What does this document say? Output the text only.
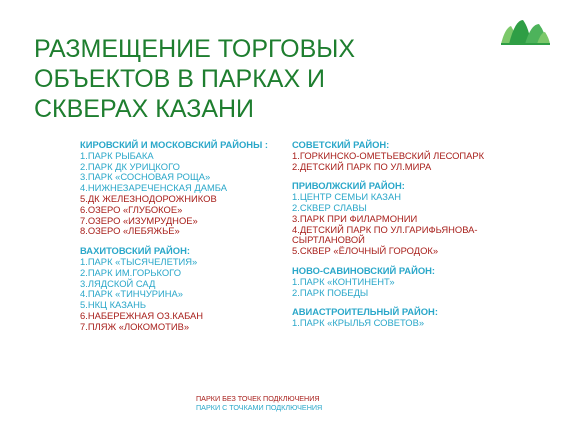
РАЗМЕЩЕНИЕ ТОРГОВЫХ
ОБЪЕКТОВ В ПАРКАХ И
СКВЕРАХ КАЗАНИ
КИРОВСКИЙ И МОСКОВСКИЙ РАЙОНЫ :
1.ПАРК РЫБАКА
2.ПАРК ДК УРИЦКОГО
3.ПАРК «СОСНОВАЯ РОЩА»
4.НИЖНЕЗАРЕЧЕНСКАЯ ДАМБА
5.ДК ЖЕЛЕЗНОДОРОЖНИКОВ
6.ОЗЕРО «ГЛУБОКОЕ»
7.ОЗЕРО «ИЗУМРУДНОЕ»
8.ОЗЕРО «ЛЕБЯЖЬЕ»
ВАХИТОВСКИЙ РАЙОН:
1.ПАРК «ТЫСЯЧЕЛЕТИЯ»
2.ПАРК ИМ.ГОРЬКОГО
3.ЛЯДСКОЙ САД
4.ПАРК «ТИНЧУРИНА»
5.НКЦ КАЗАНЬ
6.НАБЕРЕЖНАЯ ОЗ.КАБАН
7.ПЛЯЖ «ЛОКОМОТИВ»
СОВЕТСКИЙ РАЙОН:
1.ГОРКИНСКО-ОМЕТЬЕВСКИЙ ЛЕСОПАРК
2.ДЕТСКИЙ ПАРК ПО УЛ.МИРА
ПРИВОЛЖСКИЙ РАЙОН:
1.ЦЕНТР СЕМЬИ КАЗАН
2.СКВЕР СЛАВЫ
3.ПАРК ПРИ ФИЛАРМОНИИ
4.ДЕТСКИЙ ПАРК ПО УЛ.ГАРИФЬЯНОВА-СЫРТЛАНОВОЙ
5.СКВЕР «ЁЛОЧНЫЙ ГОРОДОК»
НОВО-САВИНОВСКИЙ РАЙОН:
1.ПАРК «КОНТИНЕНТ»
2.ПАРК ПОБЕДЫ
АВИАСТРОИТЕЛЬНЫЙ РАЙОН:
1.ПАРК «КРЫЛЬЯ СОВЕТОВ»
ПАРКИ БЕЗ ТОЧЕК ПОДКЛЮЧЕНИЯ
ПАРКИ С ТОЧКАМИ ПОДКЛЮЧЕНИЯ
